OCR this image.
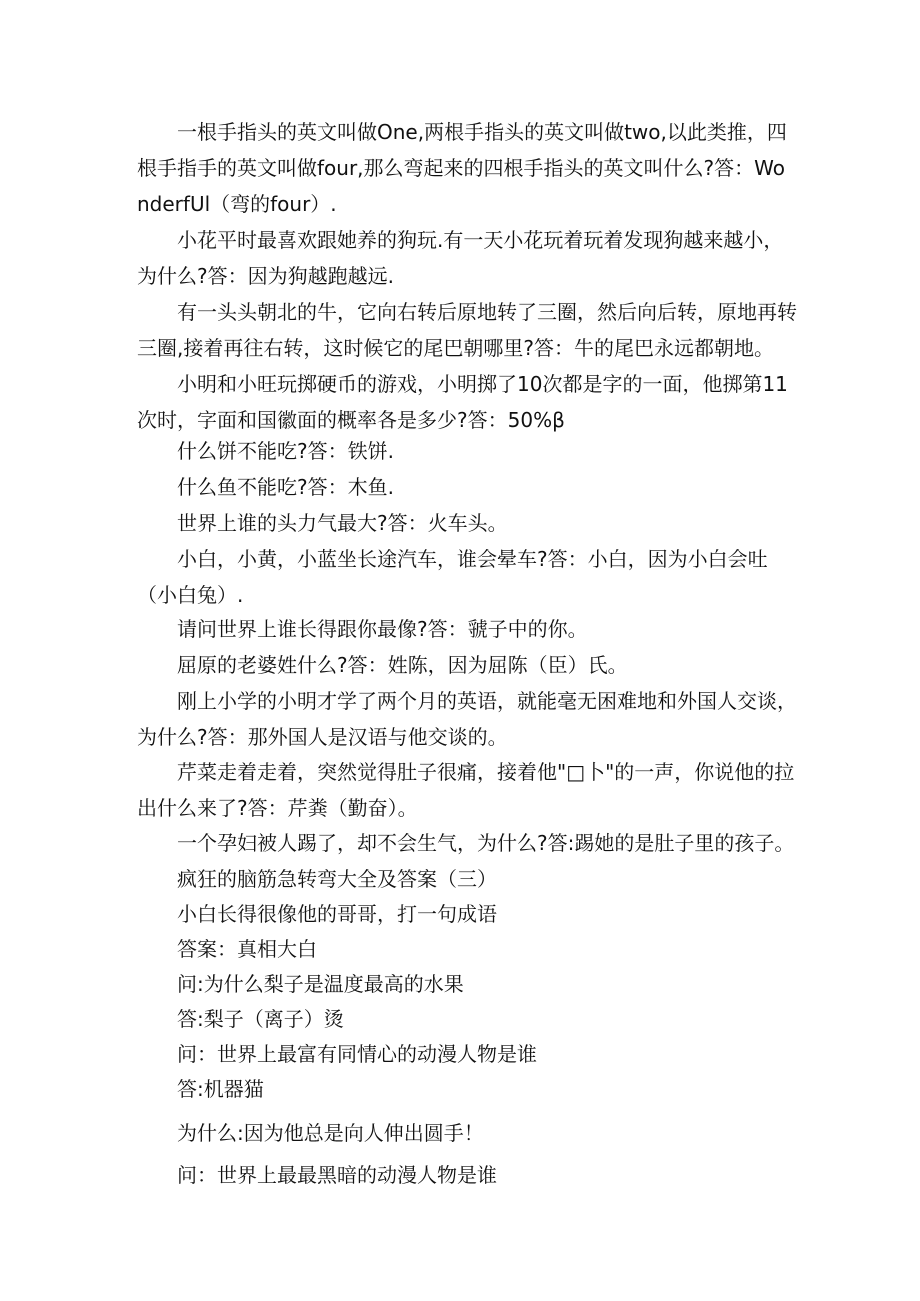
一根手指头的英文叫做One,两根手指头的英文叫做two,以此类推，四根手指手的英文叫做four,那么弯起来的四根手指头的英文叫什么?答：WonderfUl（弯的four）.

小花平时最喜欢跟她养的狗玩.有一天小花玩着玩着发现狗越来越小，为什么?答：因为狗越跑越远.

有一头头朝北的牛，它向右转后原地转了三圈，然后向后转，原地再转三圈,接着再往右转，这时候它的尾巴朝哪里?答：牛的尾巴永远都朝地。

小明和小旺玩掷硬币的游戏，小明掷了10次都是字的一面，他掷第11次时，字面和国徽面的概率各是多少?答：50%β

什么饼不能吃?答：铁饼.

什么鱼不能吃?答：木鱼.

世界上谁的头力气最大?答：火车头。

小白，小黄，小蓝坐长途汽车，谁会晕车?答：小白，因为小白会吐（小白兔）.

请问世界上谁长得跟你最像?答：虢子中的你。

屈原的老婆姓什么?答：姓陈，因为屈陈（臣）氏。

刚上小学的小明才学了两个月的英语，就能毫无困难地和外国人交谈，为什么?答：那外国人是汉语与他交谈的。

芹菜走着走着，突然觉得肚子很痛，接着他"□卜"的一声，你说他的拉出什么来了?答：芹粪（勤奋）。

一个孕妇被人踢了，却不会生气，为什么?答:踢她的是肚子里的孩子。

疯狂的脑筋急转弯大全及答案（三）

小白长得很像他的哥哥，打一句成语

答案：真相大白

问:为什么梨子是温度最高的水果

答:梨子（离子）烫

问：世界上最富有同情心的动漫人物是谁

答:机器猫

为什么:因为他总是向人伸出圆手！

问：世界上最最黑暗的动漫人物是谁
